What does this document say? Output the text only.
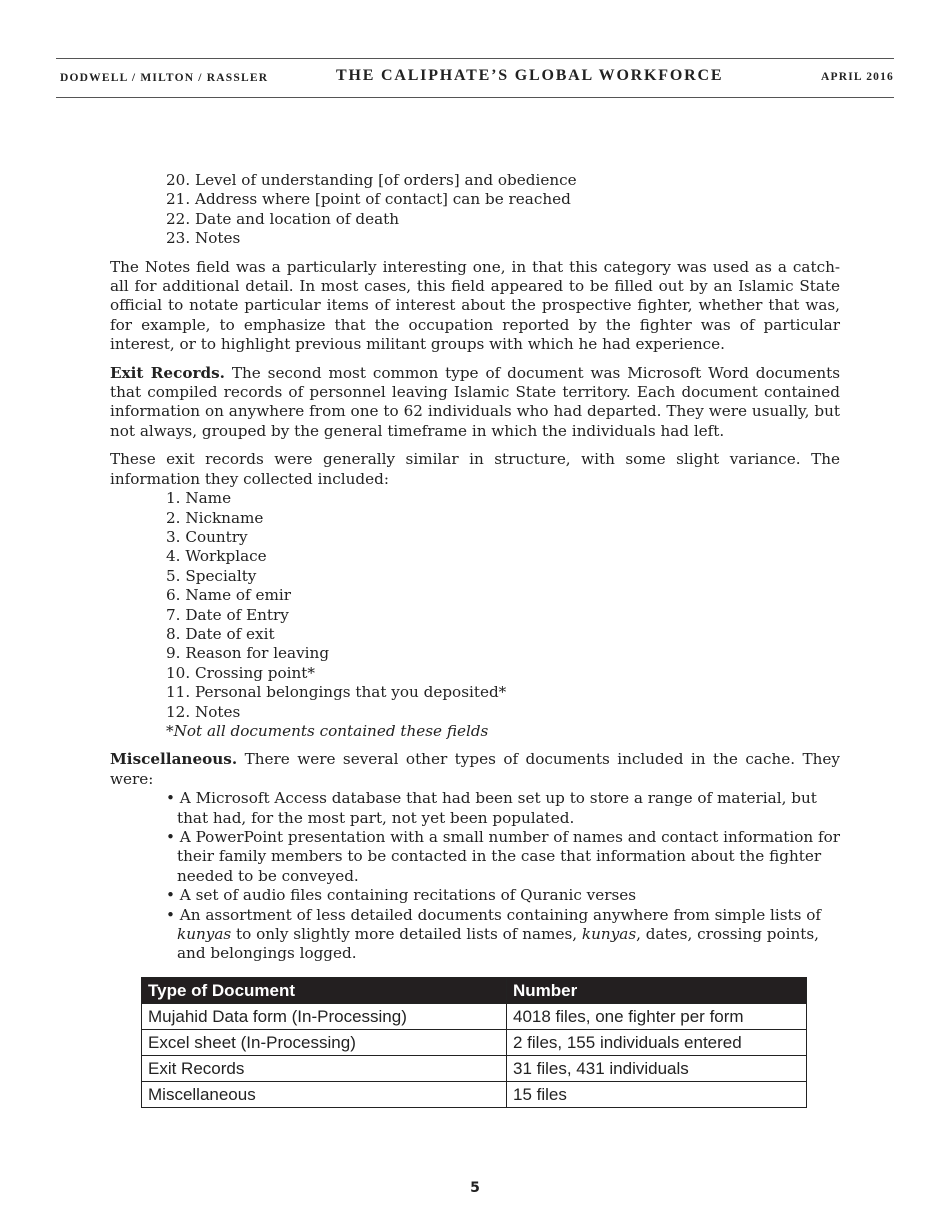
DODWELL / MILTON / RASSLER	THE CALIPHATE’S GLOBAL WORKFORCE	APRIL 2016
20. Level of understanding [of orders] and obedience
21. Address where [point of contact] can be reached
22. Date and location of death
23. Notes

The Notes field was a particularly interesting one, in that this category was used as a catch-all for additional detail. In most cases, this field appeared to be filled out by an Islamic State official to notate particular items of interest about the prospective fighter, whether that was, for example, to emphasize that the occupation reported by the fighter was of particular interest, or to highlight previous militant groups with which he had experience.

Exit Records. The second most common type of document was Microsoft Word documents that compiled records of personnel leaving Islamic State territory. Each document contained information on anywhere from one to 62 individuals who had departed. They were usually, but not always, grouped by the general timeframe in which the individuals had left.

These exit records were generally similar in structure, with some slight variance. The information they collected included:

1. Name
2. Nickname
3. Country
4. Workplace
5. Specialty
6. Name of emir
7. Date of Entry
8. Date of exit
9. Reason for leaving
10. Crossing point*
11. Personal belongings that you deposited*
12. Notes
*Not all documents contained these fields

Miscellaneous. There were several other types of documents included in the cache. They were:

• A Microsoft Access database that had been set up to store a range of material, but that had, for the most part, not yet been populated.
• A PowerPoint presentation with a small number of names and contact information for their family members to be contacted in the case that information about the fighter needed to be conveyed.
• A set of audio files containing recitations of Quranic verses
• An assortment of less detailed documents containing anywhere from simple lists of kunyas to only slightly more detailed lists of names, kunyas, dates, crossing points, and belongings logged.
Type of Document	Number
Mujahid Data form (In-Processing)	4018 files, one fighter per form
Excel sheet (In-Processing)	2 files, 155 individuals entered
Exit Records	31 files, 431 individuals
Miscellaneous	15 files
5
